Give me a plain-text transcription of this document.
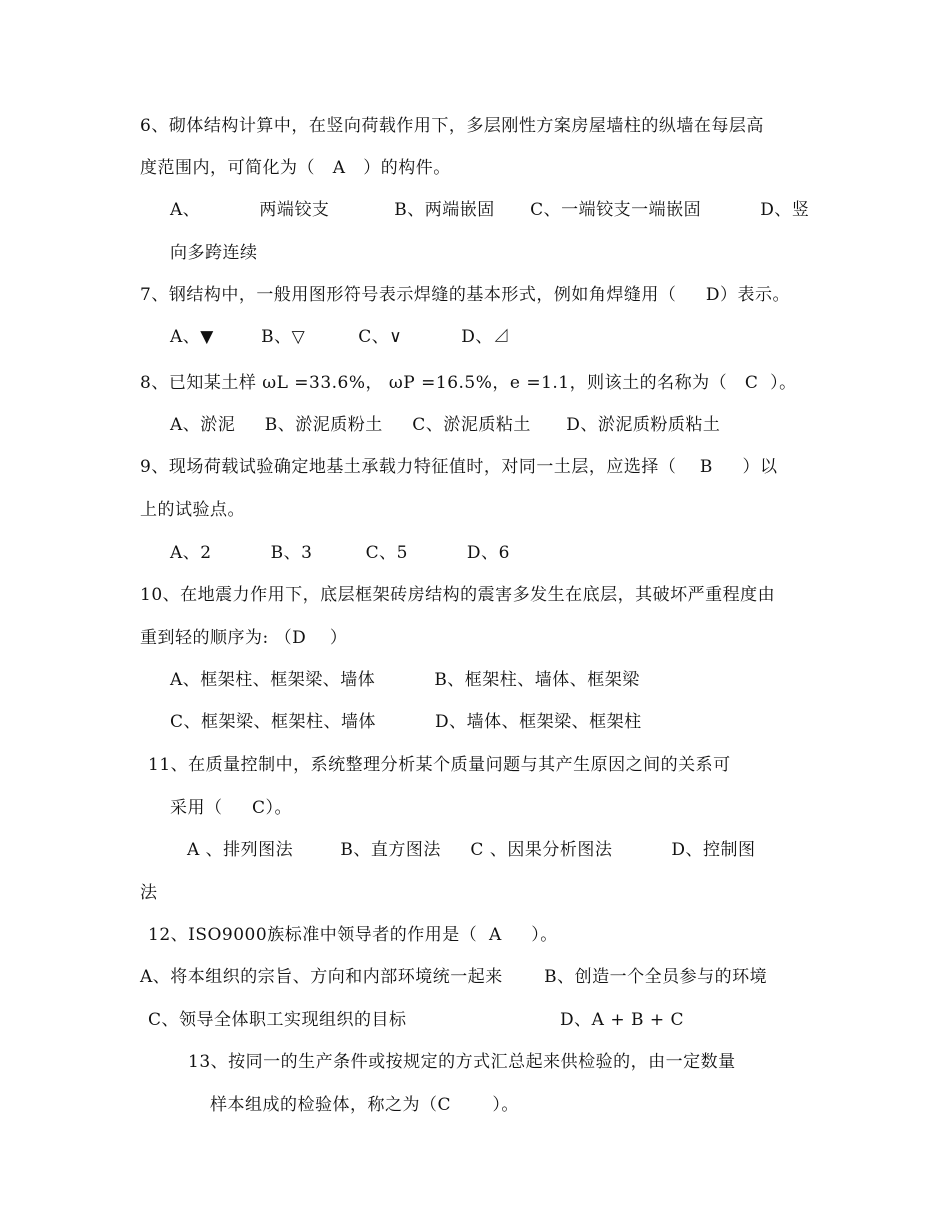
6、砌体结构计算中，在竖向荷载作用下，多层刚性方案房屋墙柱的纵墙在每层高
度范围内，可简化为（   A   ）的构件。
A、          两端铰支           B、两端嵌固      C、一端铰支一端嵌固          D、竖
向多跨连续
7、钢结构中，一般用图形符号表示焊缝的基本形式，例如角焊缝用（     D）表示。
A、▼        B、▽         C、∨          D、⊿
8、已知某土样 ωL =33.6%， ωP =16.5%，e =1.1，则该土的名称为（   C  ）。
A、淤泥     B、淤泥质粉土     C、淤泥质粘土      D、淤泥质粉质粘土
9、现场荷载试验确定地基土承载力特征值时，对同一土层，应选择（    B     ）以
上的试验点。
A、2          B、3         C、5          D、6
10、在地震力作用下，底层框架砖房结构的震害多发生在底层，其破坏严重程度由
重到轻的顺序为: （D    ）
A、框架柱、框架梁、墙体          B、框架柱、墙体、框架梁
C、框架梁、框架柱、墙体          D、墙体、框架梁、框架柱
11、在质量控制中，系统整理分析某个质量问题与其产生原因之间的关系可
采用（     C）。
A 、排列图法        B、直方图法     C 、因果分析图法          D、控制图
法
12、ISO9000族标准中领导者的作用是（  A     ）。
A、将本组织的宗旨、方向和内部环境统一起来       B、创造一个全员参与的环境
C、领导全体职工实现组织的目标                          D、A + B + C
13、按同一的生产条件或按规定的方式汇总起来供检验的，由一定数量
样本组成的检验体，称之为（C       ）。
